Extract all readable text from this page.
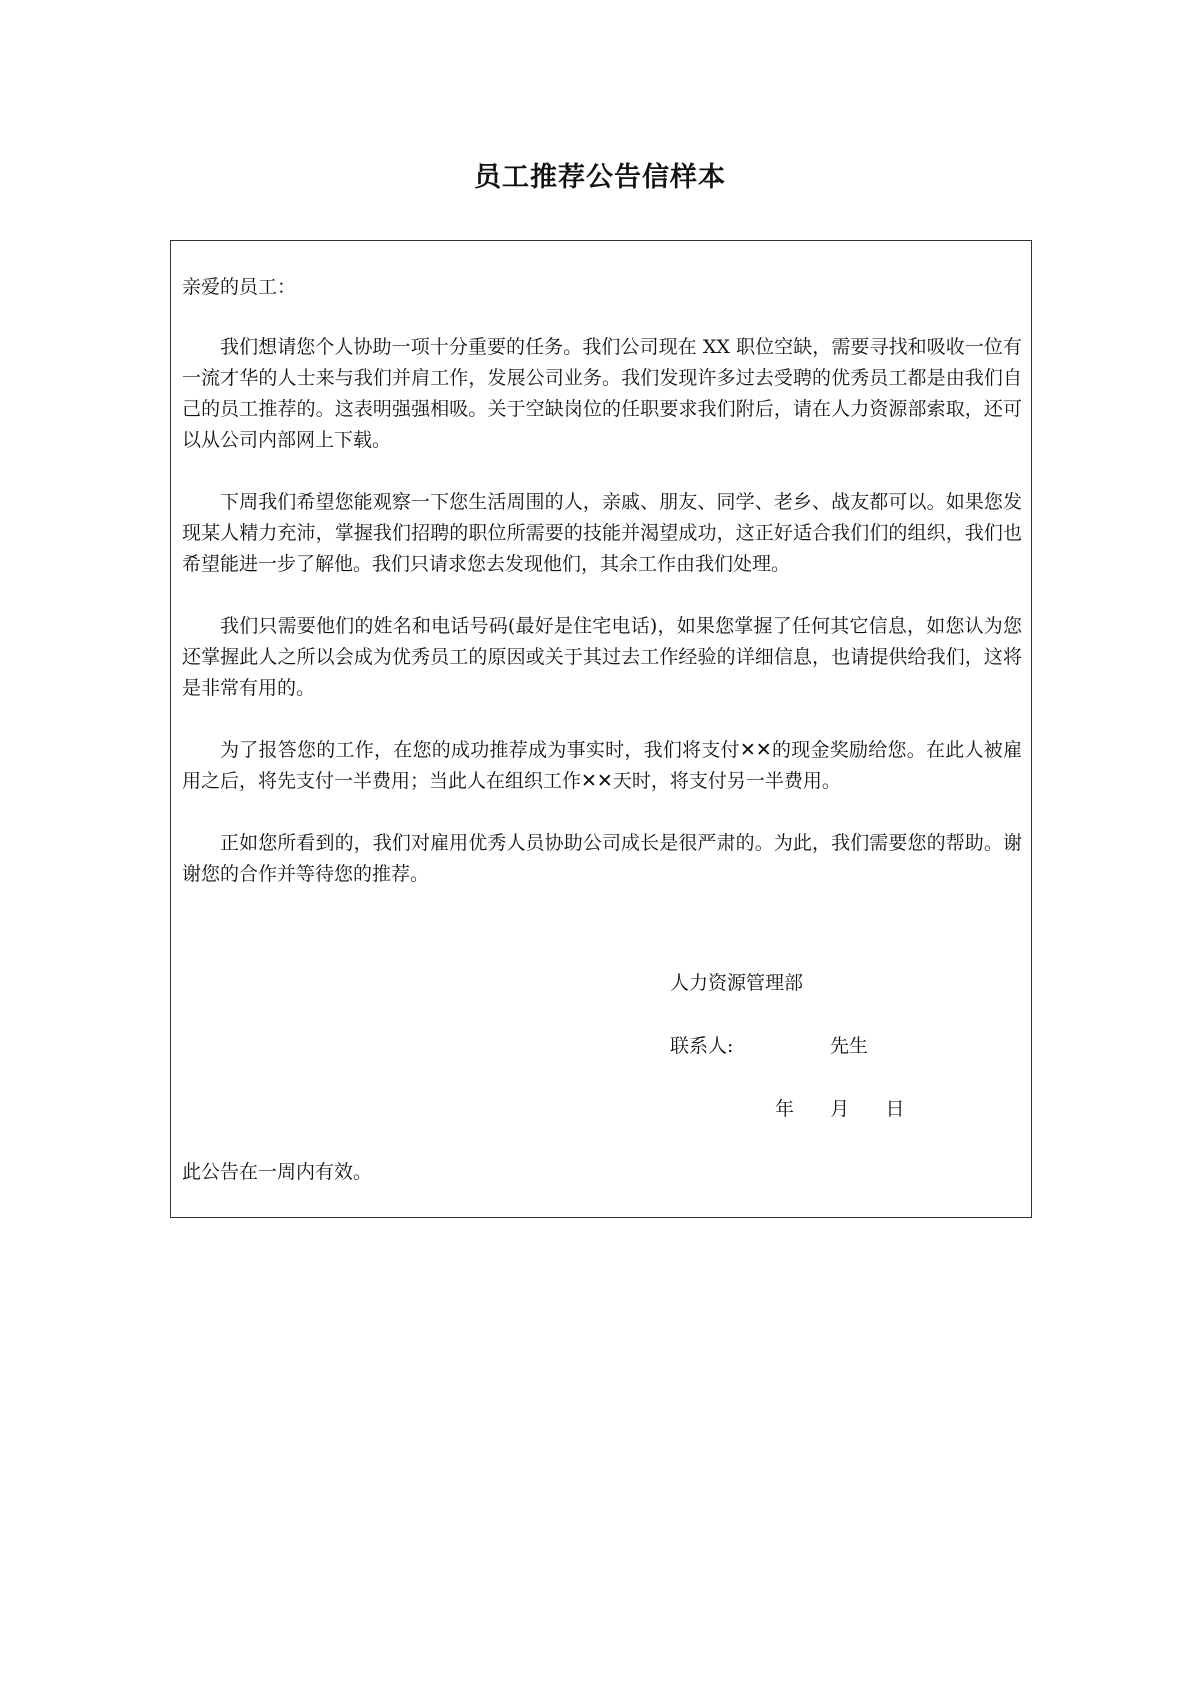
员工推荐公告信样本

亲爱的员工：

我们想请您个人协助一项十分重要的任务。我们公司现在 XX 职位空缺，需要寻找和吸收一位有一流才华的人士来与我们并肩工作，发展公司业务。我们发现许多过去受聘的优秀员工都是由我们自己的员工推荐的。这表明强强相吸。关于空缺岗位的任职要求我们附后，请在人力资源部索取，还可以从公司内部网上下载。

下周我们希望您能观察一下您生活周围的人，亲戚、朋友、同学、老乡、战友都可以。如果您发现某人精力充沛，掌握我们招聘的职位所需要的技能并渴望成功，这正好适合我们们的组织，我们也希望能进一步了解他。我们只请求您去发现他们，其余工作由我们处理。

我们只需要他们的姓名和电话号码(最好是住宅电话)，如果您掌握了任何其它信息，如您认为您还掌握此人之所以会成为优秀员工的原因或关于其过去工作经验的详细信息，也请提供给我们，这将是非常有用的。

为了报答您的工作，在您的成功推荐成为事实时，我们将支付✕✕的现金奖励给您。在此人被雇用之后，将先支付一半费用；当此人在组织工作✕✕天时，将支付另一半费用。

正如您所看到的，我们对雇用优秀人员协助公司成长是很严肃的。为此，我们需要您的帮助。谢谢您的合作并等待您的推荐。

人力资源管理部
联系人:                先生
年      月      日
此公告在一周内有效。
